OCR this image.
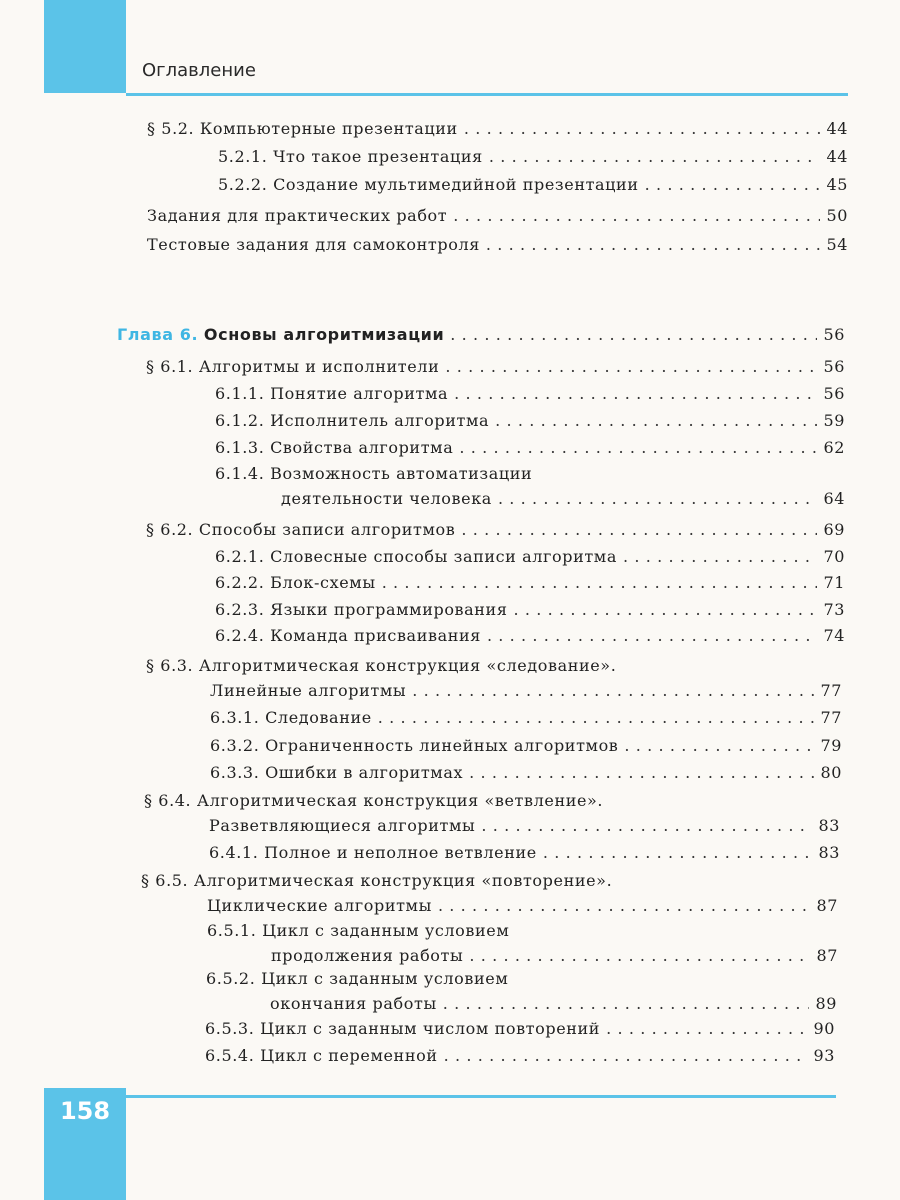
Оглавление
158
§ 5.2. Компьютерные презентации . . .	44
5.2.1. Что такое презентация . . .	44
5.2.2. Создание мультимедийной презентации . . .	45
Задания для практических работ . . .	50
Тестовые задания для самоконтроля . . .	54
Глава 6. Основы алгоритмизации . . .	56
§ 6.1. Алгоритмы и исполнители . . .	56
6.1.1. Понятие алгоритма . . .	56
6.1.2. Исполнитель алгоритма . . .	59
6.1.3. Свойства алгоритма . . .	62
6.1.4. Возможность автоматизации
деятельности человека . . .	64
§ 6.2. Способы записи алгоритмов . . .	69
6.2.1. Словесные способы записи алгоритма . . .	70
6.2.2. Блок-схемы . . .	71
6.2.3. Языки программирования . . .	73
6.2.4. Команда присваивания . . .	74
§ 6.3. Алгоритмическая конструкция «следование».
Линейные алгоритмы . . .	77
6.3.1. Следование . . .	77
6.3.2. Ограниченность линейных алгоритмов . . .	79
6.3.3. Ошибки в алгоритмах . . .	80
§ 6.4. Алгоритмическая конструкция «ветвление».
Разветвляющиеся алгоритмы . . .	83
6.4.1. Полное и неполное ветвление . . .	83
§ 6.5. Алгоритмическая конструкция «повторение».
Циклические алгоритмы . . .	87
6.5.1. Цикл с заданным условием
продолжения работы . . .	87
6.5.2. Цикл с заданным условием
окончания работы . . .	89
6.5.3. Цикл с заданным числом повторений . . .	90
6.5.4. Цикл с переменной . . .	93
